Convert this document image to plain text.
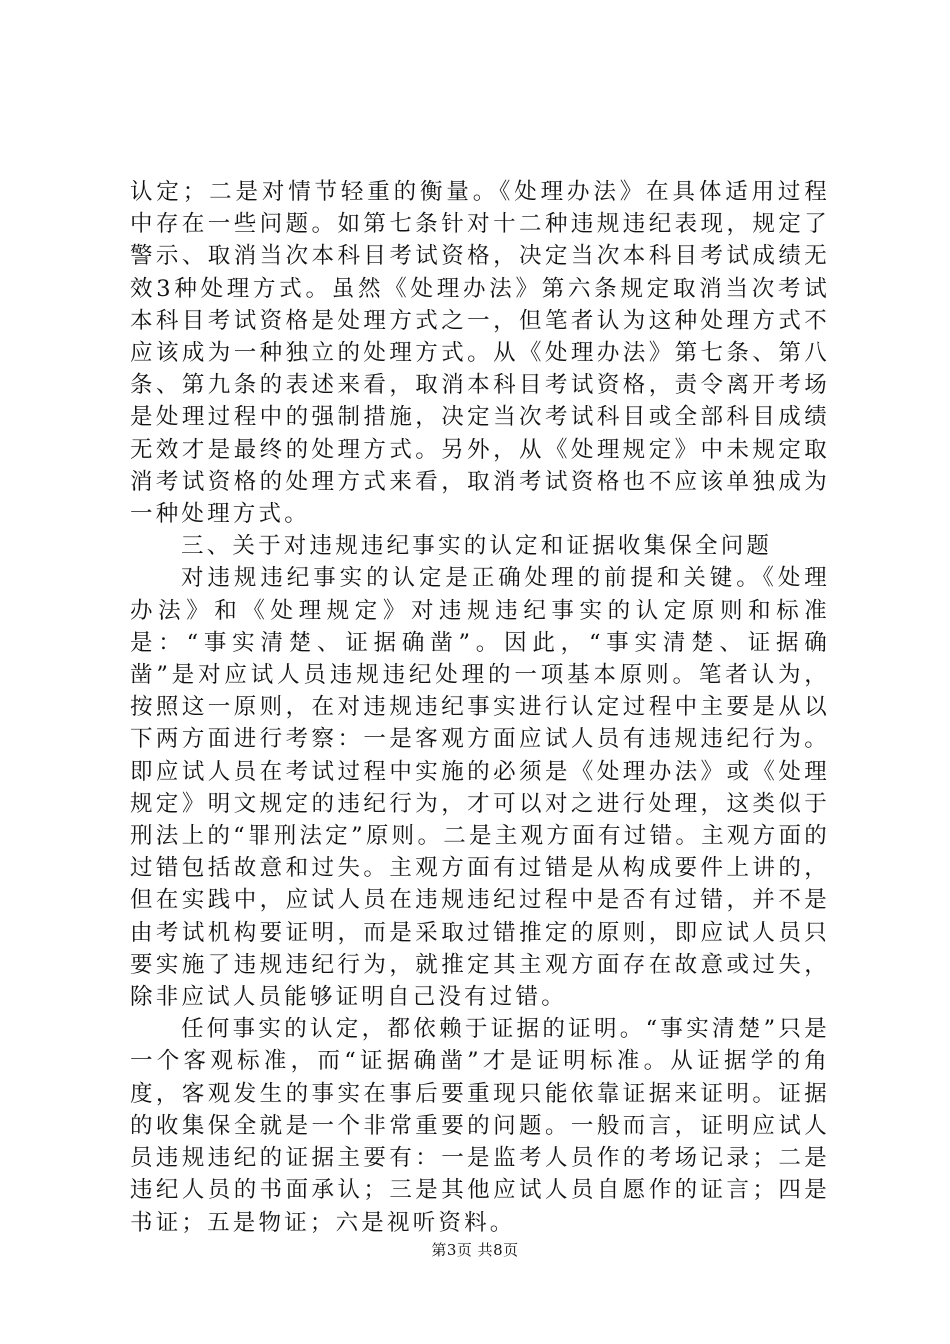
认定；二是对情节轻重的衡量。《处理办法》在具体适用过程中存在一些问题。如第七条针对十二种违规违纪表现，规定了警示、取消当次本科目考试资格，决定当次本科目考试成绩无效3种处理方式。虽然《处理办法》第六条规定取消当次考试本科目考试资格是处理方式之一，但笔者认为这种处理方式不应该成为一种独立的处理方式。从《处理办法》第七条、第八条、第九条的表述来看，取消本科目考试资格，责令离开考场是处理过程中的强制措施，决定当次考试科目或全部科目成绩无效才是最终的处理方式。另外，从《处理规定》中未规定取消考试资格的处理方式来看，取消考试资格也不应该单独成为一种处理方式。

三、关于对违规违纪事实的认定和证据收集保全问题

对违规违纪事实的认定是正确处理的前提和关键。《处理办法》和《处理规定》对违规违纪事实的认定原则和标准是：“事实清楚、证据确凿”。因此，“事实清楚、证据确凿”是对应试人员违规违纪处理的一项基本原则。笔者认为，按照这一原则，在对违规违纪事实进行认定过程中主要是从以下两方面进行考察：一是客观方面应试人员有违规违纪行为。即应试人员在考试过程中实施的必须是《处理办法》或《处理规定》明文规定的违纪行为，才可以对之进行处理，这类似于刑法上的“罪刑法定”原则。二是主观方面有过错。主观方面的过错包括故意和过失。主观方面有过错是从构成要件上讲的，但在实践中，应试人员在违规违纪过程中是否有过错，并不是由考试机构要证明，而是采取过错推定的原则，即应试人员只要实施了违规违纪行为，就推定其主观方面存在故意或过失，除非应试人员能够证明自己没有过错。

任何事实的认定，都依赖于证据的证明。“事实清楚”只是一个客观标准，而“证据确凿”才是证明标准。从证据学的角度，客观发生的事实在事后要重现只能依靠证据来证明。证据的收集保全就是一个非常重要的问题。一般而言，证明应试人员违规违纪的证据主要有：一是监考人员作的考场记录；二是违纪人员的书面承认；三是其他应试人员自愿作的证言；四是书证；五是物证；六是视听资料。

第3页 共8页
